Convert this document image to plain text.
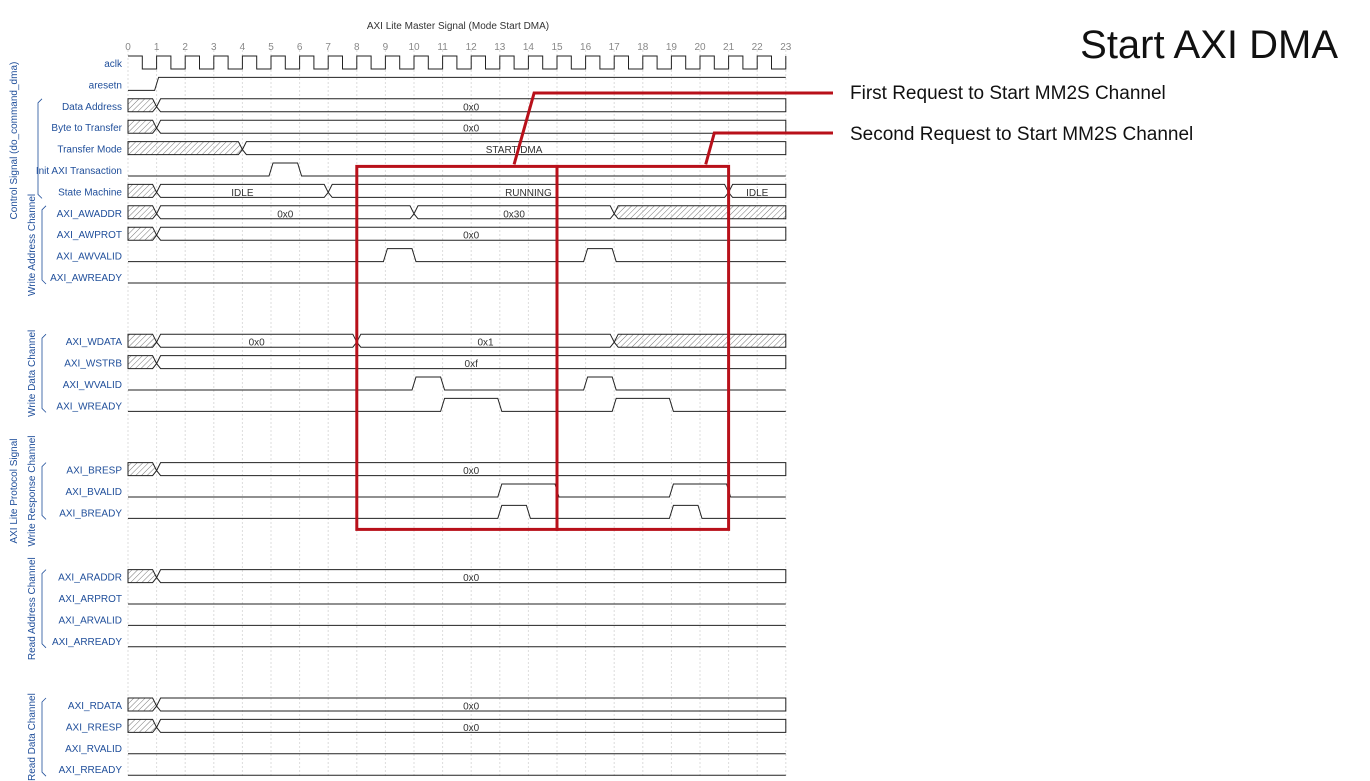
AXI Lite Master Signal (Mode Start DMA)
0 1 2 3 4 5 6 7 8 9 10 11 12 13 14 15 16 17 18 19 20 21 22 23
aclk
aresetn
Data Address
Byte to Transfer
Transfer Mode
Init AXI Transaction
State Machine
AXI_AWADDR
AXI_AWPROT
AXI_AWVALID
AXI_AWREADY
AXI_WDATA
AXI_WSTRB
AXI_WVALID
AXI_WREADY
AXI_BRESP
AXI_BVALID
AXI_BREADY
AXI_ARADDR
AXI_ARPROT
AXI_ARVALID
AXI_ARREADY
AXI_RDATA
AXI_RRESP
AXI_RVALID
AXI_RREADY
0x0
0x0
START DMA
IDLE	RUNNING	IDLE
0x0	0x30
0x0
0x0	0x1
0xf
0x0
0x0
0x0
0x0
Control Signal (do_command_dma)
AXI Lite Protocol Signal
Write Address Channel
Write Data Channel
Write Response Channel
Read Address Channel
Read Data Channel
Start AXI DMA
First Request to Start MM2S Channel
Second Request to Start MM2S Channel
